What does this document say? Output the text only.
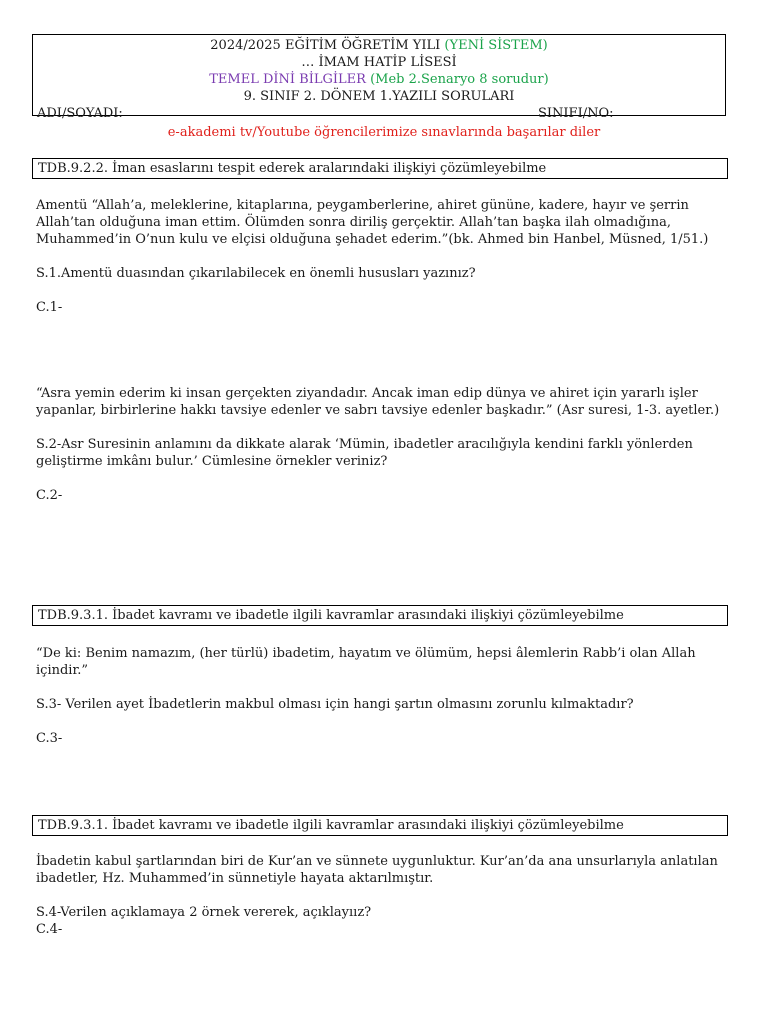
2024/2025 EĞİTİM ÖĞRETİM YILI (YENİ SİSTEM)
… İMAM HATİP LİSESİ
TEMEL DİNİ BİLGİLER (Meb 2.Senaryo 8 sorudur)
9. SINIF 2. DÖNEM 1.YAZILI SORULARI
ADI/SOYADI:	SINIFI/NO:
e-akademi tv/Youtube öğrencilerimize sınavlarında başarılar diler
TDB.9.2.2. İman esaslarını tespit ederek aralarındaki ilişkiyi çözümleyebilme
Amentü “Allah’a, meleklerine, kitaplarına, peygamberlerine, ahiret gününe, kadere, hayır ve şerrin
Allah’tan olduğuna iman ettim. Ölümden sonra diriliş gerçektir. Allah’tan başka ilah olmadığına,
Muhammed’in O’nun kulu ve elçisi olduğuna şehadet ederim.”(bk. Ahmed bin Hanbel, Müsned, 1/51.)
S.1.Amentü duasından çıkarılabilecek en önemli hususları yazınız?
C.1-
“Asra yemin ederim ki insan gerçekten ziyandadır. Ancak iman edip dünya ve ahiret için yararlı işler
yapanlar, birbirlerine hakkı tavsiye edenler ve sabrı tavsiye edenler başkadır.” (Asr suresi, 1-3. ayetler.)
S.2-Asr Suresinin anlamını da dikkate alarak ‘Mümin, ibadetler aracılığıyla kendini farklı yönlerden
geliştirme imkânı bulur.’ Cümlesine örnekler veriniz?
C.2-
TDB.9.3.1. İbadet kavramı ve ibadetle ilgili kavramlar arasındaki ilişkiyi çözümleyebilme
“De ki: Benim namazım, (her türlü) ibadetim, hayatım ve ölümüm, hepsi âlemlerin Rabb’i olan Allah
içindir.”
S.3- Verilen ayet İbadetlerin makbul olması için hangi şartın olmasını zorunlu kılmaktadır?
C.3-
TDB.9.3.1. İbadet kavramı ve ibadetle ilgili kavramlar arasındaki ilişkiyi çözümleyebilme
İbadetin kabul şartlarından biri de Kur’an ve sünnete uygunluktur. Kur’an’da ana unsurlarıyla anlatılan
ibadetler, Hz. Muhammed’in sünnetiyle hayata aktarılmıştır.
S.4-Verilen açıklamaya 2 örnek vererek, açıklayıız?
C.4-
